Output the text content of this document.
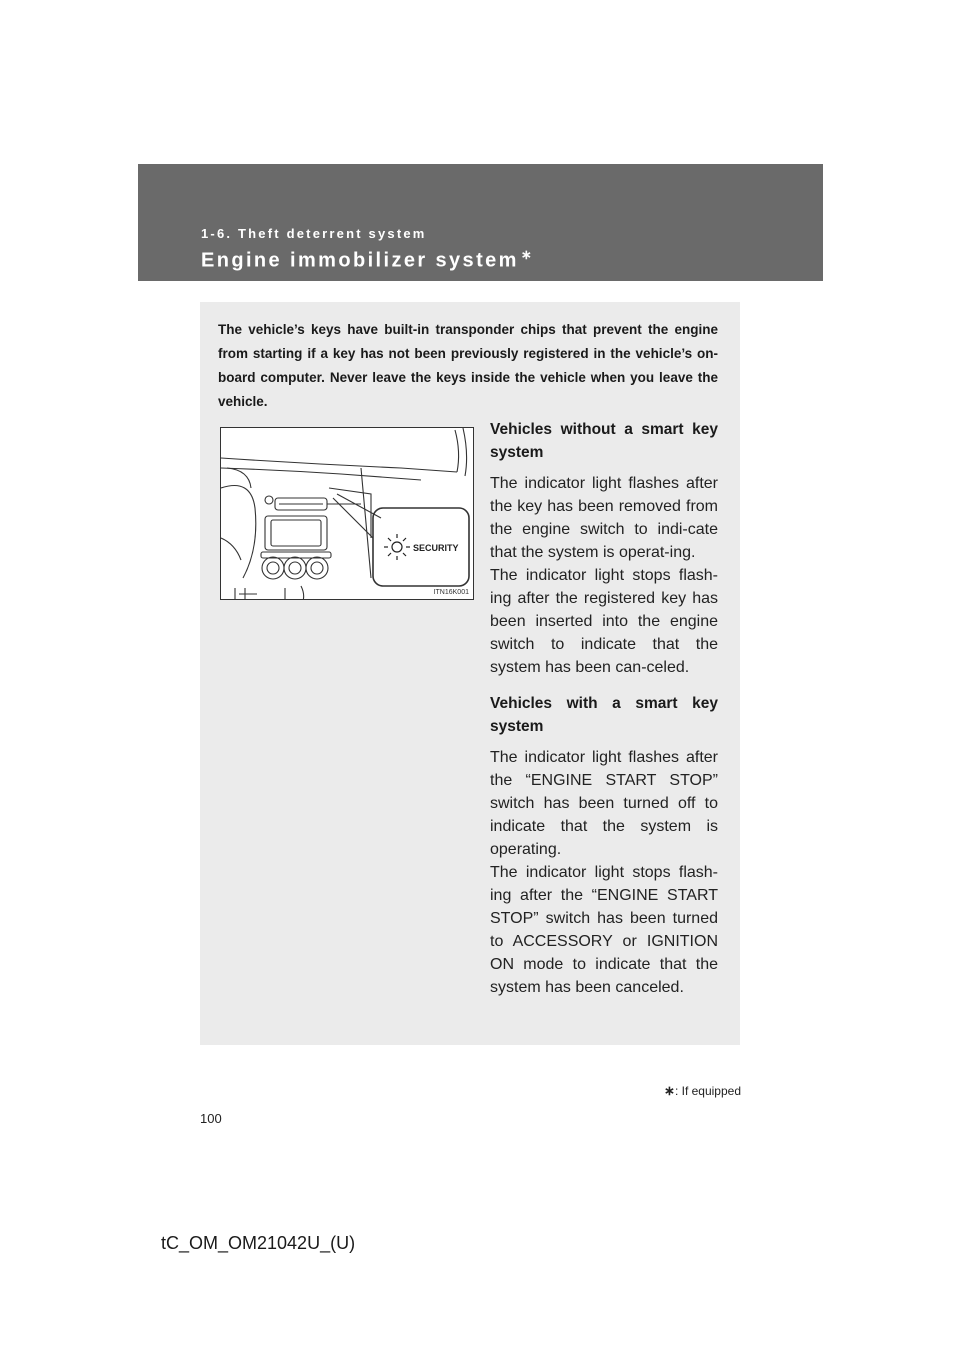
1-6. Theft deterrent system
Engine immobilizer system ∗

The vehicle’s keys have built-in transponder chips that prevent the engine from starting if a key has not been previously registered in the vehicle’s on-board computer. Never leave the keys inside the vehicle when you leave the vehicle.

SECURITY
ITN16K001
Vehicles without a smart key system

The indicator light flashes after the key has been removed from the engine switch to indi-cate that the system is operat-ing.

The indicator light stops flash-ing after the registered key has been inserted into the engine switch to indicate that the system has been can-celed.

Vehicles with a smart key system

The indicator light flashes after the “ENGINE START STOP” switch has been turned off to indicate that the system is operating.

The indicator light stops flash-ing after the “ENGINE START STOP” switch has been turned to ACCESSORY or IGNITION ON mode to indicate that the system has been canceled.

∗: If equipped
100
tC_OM_OM21042U_(U)
